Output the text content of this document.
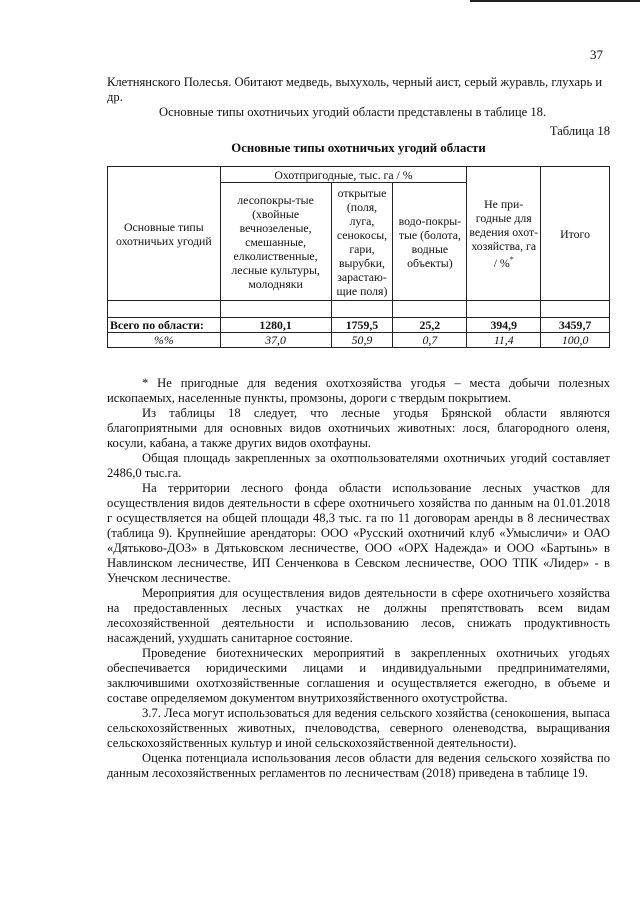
37

Клетнянского Полесья. Обитают медведь, выхухоль, черный аист, серый журавль, глухарь и др.

Основные типы охотничьих угодий области представлены в таблице 18.

Таблица 18
Основные типы охотничьих угодий области
Основные типы охотничьих угодий	Охотпригодные, тыс. га / %			Не при-годные для ведения охот-хозяйства, га / %*	Итого
	лесопокры-тые (хвойные вечнозеленые, смешанные, елколиственные, лесные культуры, молодняки	открытые (поля, луга, сенокосы, гари, вырубки, зарастаю-щие поля)	водо-покры-тые (болота, водные объекты)		

Всего по области:	1280,1	1759,5	25,2	394,9	3459,7
%%	37,0	50,9	0,7	11,4	100,0

* Не пригодные для ведения охотхозяйства угодья – места добычи полезных ископаемых, населенные пункты, промзоны, дороги с твердым покрытием.

Из таблицы 18 следует, что лесные угодья Брянской области являются благоприятными для основных видов охотничьих животных: лося, благородного оленя, косули, кабана, а также других видов охотфауны.

Общая площадь закрепленных за охотпользователями охотничьих угодий составляет 2486,0 тыс.га.

На территории лесного фонда области использование лесных участков для осуществления видов деятельности в сфере охотничьего хозяйства по данным на 01.01.2018 г осуществляется на общей площади 48,3 тыс. га по 11 договорам аренды в 8 лесничествах (таблица 9). Крупнейшие арендаторы: ООО «Русский охотничий клуб «Умысличи» и ОАО «Дятьково-ДОЗ» в Дятьковском лесничестве, ООО «ОРХ Надежда» и ООО «Бартынь» в Навлинском лесничестве, ИП Сенченкова в Севском лесничестве, ООО ТПК «Лидер» - в Унечском лесничестве.

Мероприятия для осуществления видов деятельности в сфере охотничьего хозяйства на предоставленных лесных участках не должны препятствовать всем видам лесохозяйственной деятельности и использованию лесов, снижать продуктивность насаждений, ухудшать санитарное состояние.

Проведение биотехнических мероприятий в закрепленных охотничьих угодьях обеспечивается юридическими лицами и индивидуальными предпринимателями, заключившими охотхозяйственные соглашения и осуществляется ежегодно, в объеме и составе определяемом документом внутрихозяйственного охотустройства.

3.7. Леса могут использоваться для ведения сельского хозяйства (сенокошения, выпаса сельскохозяйственных животных, пчеловодства, северного оленеводства, выращивания сельскохозяйственных культур и иной сельскохозяйственной деятельности).

Оценка потенциала использования лесов области для ведения сельского хозяйства по данным лесохозяйственных регламентов по лесничествам (2018) приведена в таблице 19.
